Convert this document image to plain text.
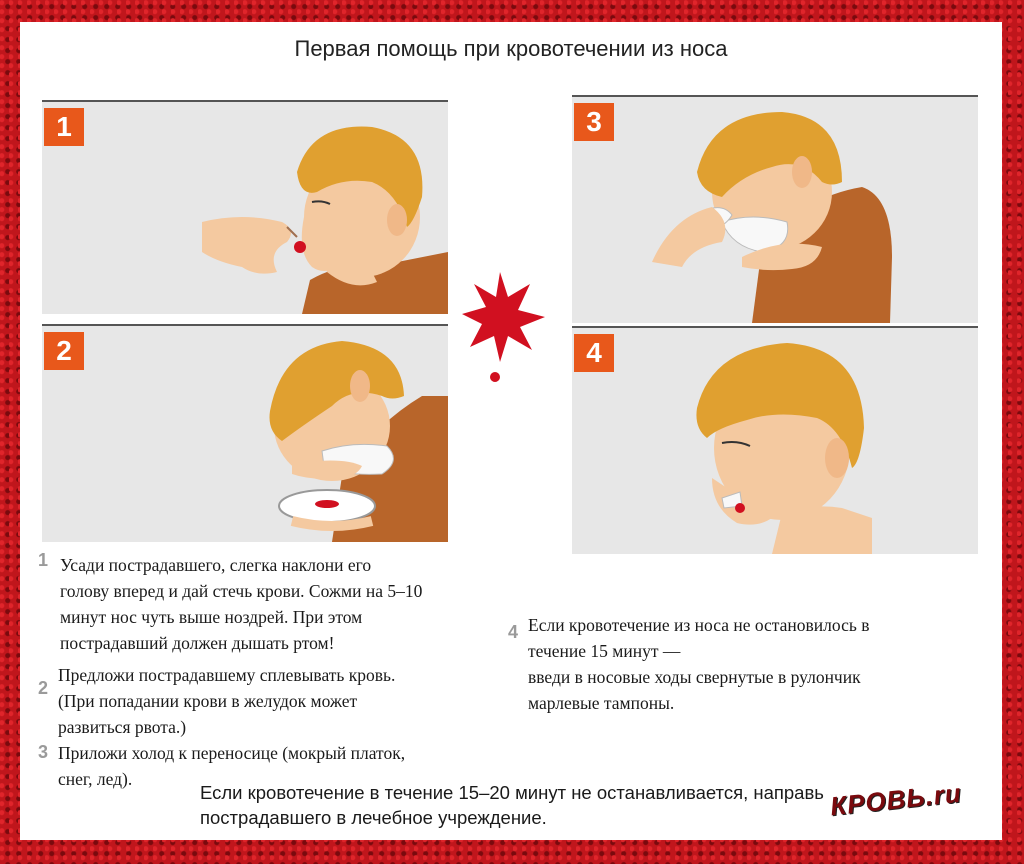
Первая помощь при кровотечении из носа
1
2
3
4
1 Усади пострадавшего, слегка наклони его
голову вперед и дай стечь крови. Сожми на 5–10
минут нос чуть выше ноздрей. При этом
пострадавший должен дышать ртом!
2
Предложи пострадавшему сплевывать кровь.
(При попадании крови в желудок может
развиться рвота.)
3 Приложи холод к переносице (мокрый платок,
снег, лед).
4 Если кровотечение из носа не остановилось в
течение 15 минут —
введи в носовые ходы свернутые в рулончик
марлевые тампоны.
Если кровотечение в течение 15–20 минут не останавливается, направь
пострадавшего в лечебное учреждение.	КРОВЬ.ru
